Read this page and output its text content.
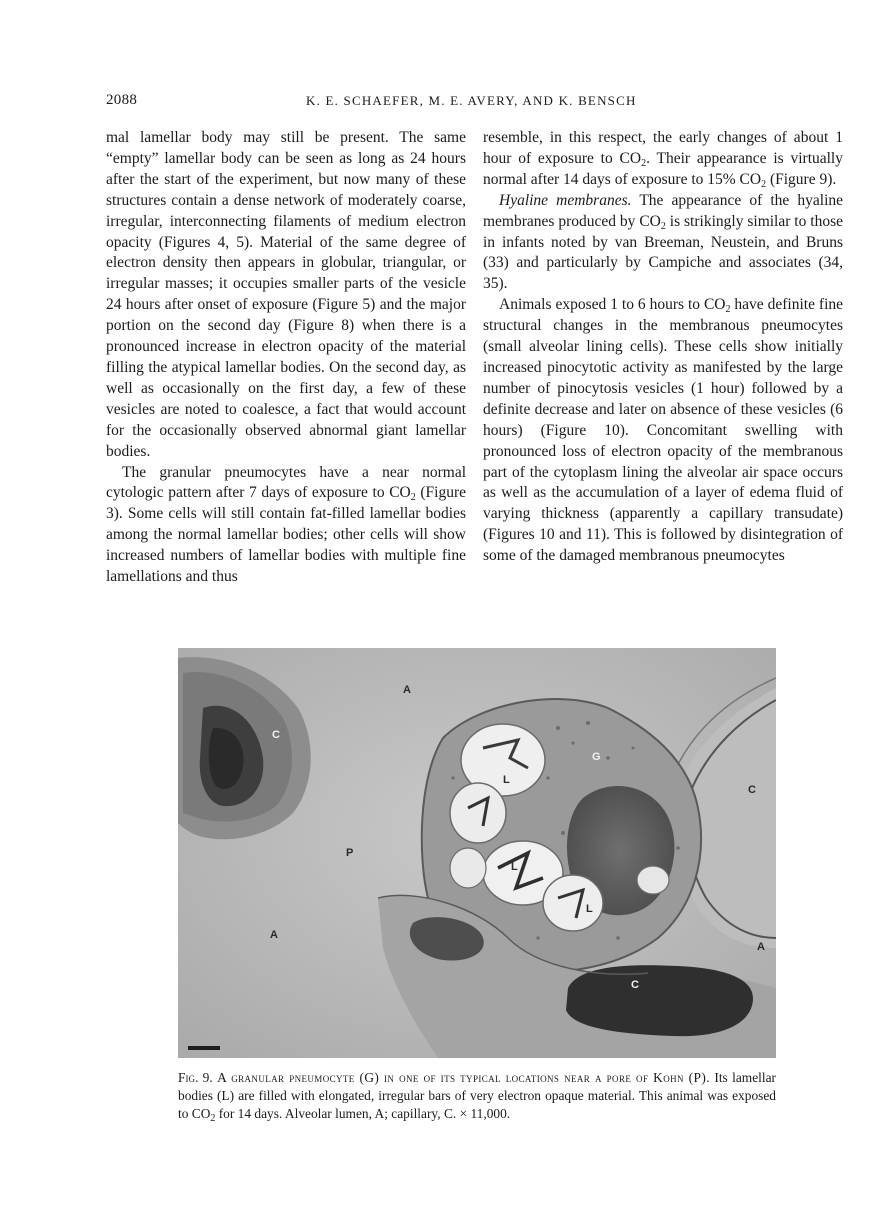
2088	K. E. SCHAEFER, M. E. AVERY, AND K. BENSCH

mal lamellar body may still be present. The same “empty” lamellar body can be seen as long as 24 hours after the start of the experiment, but now many of these structures contain a dense network of moderately coarse, irregular, interconnecting filaments of medium electron opacity (Figures 4, 5). Material of the same degree of electron density then appears in globular, triangular, or irregular masses; it occupies smaller parts of the vesicle 24 hours after onset of exposure (Figure 5) and the major portion on the second day (Figure 8) when there is a pronounced increase in electron opacity of the material filling the atypical lamellar bodies. On the second day, as well as occasionally on the first day, a few of these vesicles are noted to coalesce, a fact that would account for the occasionally observed abnormal giant lamellar bodies.

The granular pneumocytes have a near normal cytologic pattern after 7 days of exposure to $CO_2$ (Figure 3). Some cells will still contain fat-filled lamellar bodies among the normal lamellar bodies; other cells will show increased numbers of lamellar bodies with multiple fine lamellations and thus

resemble, in this respect, the early changes of about 1 hour of exposure to $CO_2$. Their appearance is virtually normal after 14 days of exposure to 15% $CO_2$ (Figure 9).

Hyaline membranes. The appearance of the hyaline membranes produced by $CO_2$ is strikingly similar to those in infants noted by van Breeman, Neustein, and Bruns (33) and particularly by Campiche and associates (34, 35).

Animals exposed 1 to 6 hours to $CO_2$ have definite fine structural changes in the membranous pneumocytes (small alveolar lining cells). These cells show initially increased pinocytotic activity as manifested by the large number of pinocytosis vesicles (1 hour) followed by a definite decrease and later on absence of these vesicles (6 hours) (Figure 10). Concomitant swelling with pronounced loss of electron opacity of the membranous part of the cytoplasm lining the alveolar air space occurs as well as the accumulation of a layer of edema fluid of varying thickness (apparently a capillary transudate) (Figures 10 and 11). This is followed by disintegration of some of the damaged membranous pneumocytes

A
C
L
G
C
P
L
A
L
A
C
Fig. 9. A granular pneumocyte (G) in one of its typical locations near a pore of Kohn (P). Its lamellar bodies (L) are filled with elongated, irregular bars of very electron opaque material. This animal was exposed to $CO_2$ for 14 days. Alveolar lumen, A; capillary, C. × 11,000.
